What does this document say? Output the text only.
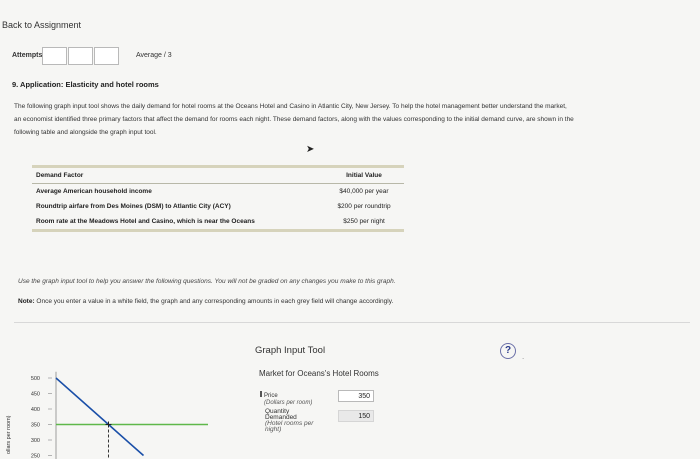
Back to Assignment
Attempts	Average / 3
9. Application: Elasticity and hotel rooms
The following graph input tool shows the daily demand for hotel rooms at the Oceans Hotel and Casino in Atlantic City, New Jersey. To help the hotel management better understand the market, an economist identified three primary factors that affect the demand for rooms each night. These demand factors, along with the values corresponding to the initial demand curve, are shown in the following table and alongside the graph input tool.
➤
Demand Factor	Initial Value
Average American household income	$40,000 per year
Roundtrip airfare from Des Moines (DSM) to Atlantic City (ACY)	$200 per roundtrip
Room rate at the Meadows Hotel and Casino, which is near the Oceans	$250 per night
Use the graph input tool to help you answer the following questions. You will not be graded on any changes you make to this graph.
Note: Once you enter a value in a white field, the graph and any corresponding amounts in each grey field will change accordingly.
Graph Input Tool	?
.
Market for Oceans's Hotel Rooms
Price
(Dollars per room)
350
Quantity
Demanded
(Hotel rooms per
night)
150
ollars per room)
500
450
400
350
300
250
